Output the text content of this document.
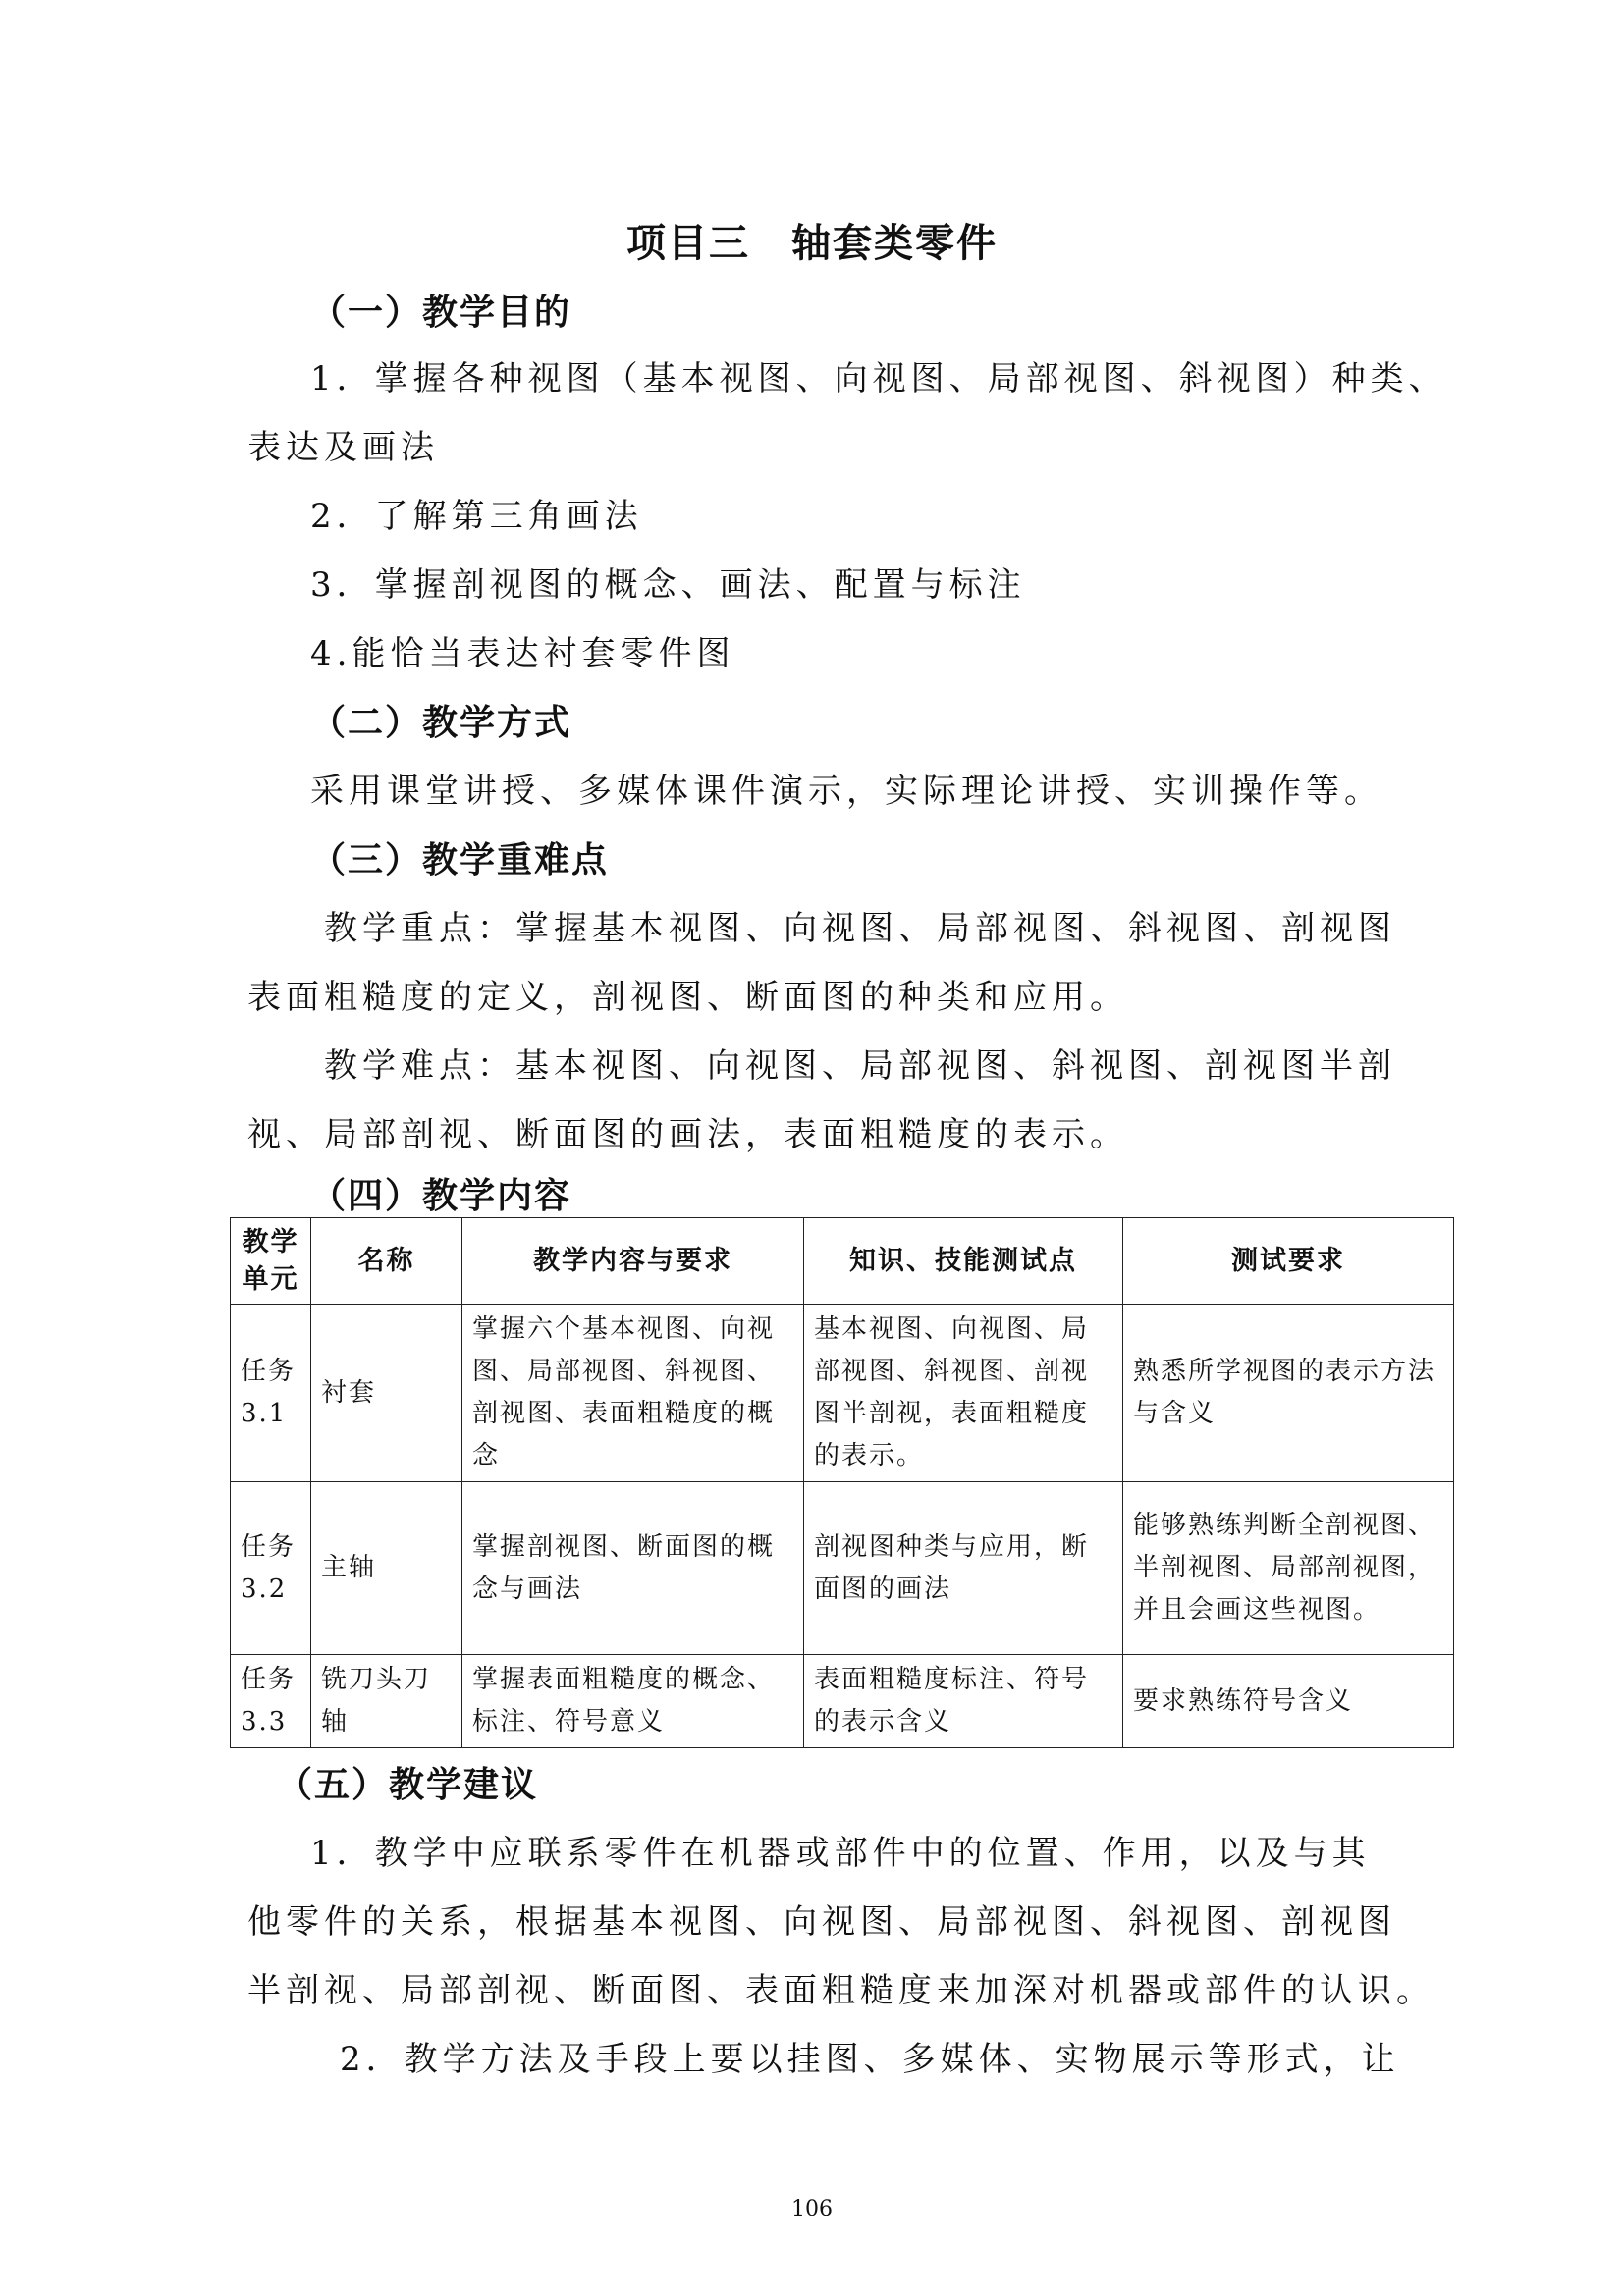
项目三　轴套类零件
（一）教学目的
1．掌握各种视图（基本视图、向视图、局部视图、斜视图）种类、
表达及画法
2．了解第三角画法
3．掌握剖视图的概念、画法、配置与标注
4.能恰当表达衬套零件图
（二）教学方式
采用课堂讲授、多媒体课件演示，实际理论讲授、实训操作等。
（三）教学重难点
教学重点：掌握基本视图、向视图、局部视图、斜视图、剖视图
表面粗糙度的定义，剖视图、断面图的种类和应用。
教学难点：基本视图、向视图、局部视图、斜视图、剖视图半剖
视、局部剖视、断面图的画法，表面粗糙度的表示。
（四）教学内容
教学单元	名称	教学内容与要求	知识、技能测试点	测试要求
任务3.1	衬套	掌握六个基本视图、向视图、局部视图、斜视图、剖视图、表面粗糙度的概念	基本视图、向视图、局部视图、斜视图、剖视图半剖视，表面粗糙度的表示。	熟悉所学视图的表示方法与含义
任务3.2	主轴	掌握剖视图、断面图的概念与画法	剖视图种类与应用，断面图的画法	能够熟练判断全剖视图、半剖视图、局部剖视图，并且会画这些视图。
任务3.3	铣刀头刀轴	掌握表面粗糙度的概念、标注、符号意义	表面粗糙度标注、符号的表示含义	要求熟练符号含义
（五）教学建议
1．教学中应联系零件在机器或部件中的位置、作用，以及与其
他零件的关系，根据基本视图、向视图、局部视图、斜视图、剖视图
半剖视、局部剖视、断面图、表面粗糙度来加深对机器或部件的认识。
2．教学方法及手段上要以挂图、多媒体、实物展示等形式，让
106
